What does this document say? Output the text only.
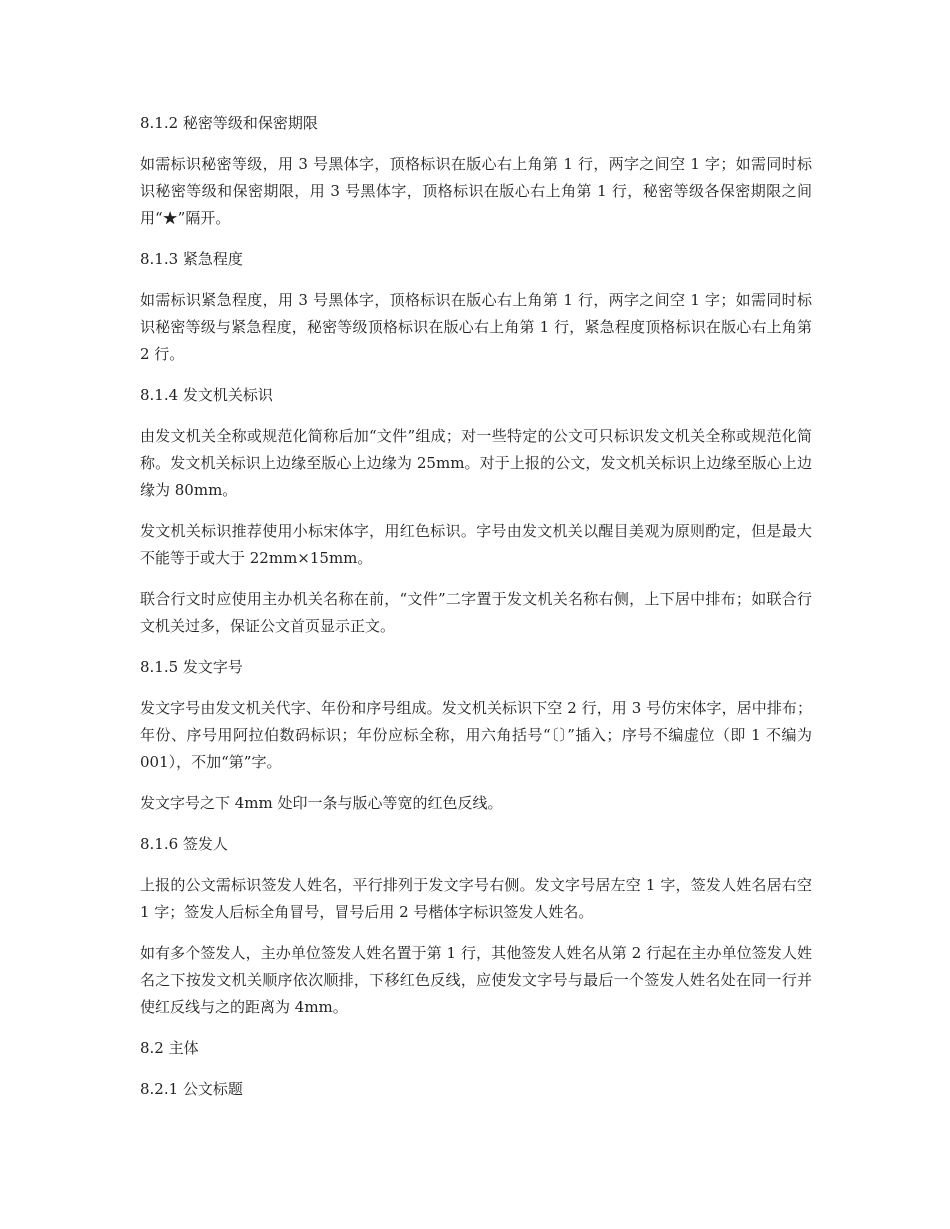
8.1.2 秘密等级和保密期限
如需标识秘密等级，用 3 号黑体字，顶格标识在版心右上角第 1 行，两字之间空 1 字；如需同时标识秘密等级和保密期限，用 3 号黑体字，顶格标识在版心右上角第 1 行，秘密等级各保密期限之间用“★”隔开。
8.1.3 紧急程度
如需标识紧急程度，用 3 号黑体字，顶格标识在版心右上角第 1 行，两字之间空 1 字；如需同时标识秘密等级与紧急程度，秘密等级顶格标识在版心右上角第 1 行，紧急程度顶格标识在版心右上角第 2 行。
8.1.4 发文机关标识
由发文机关全称或规范化简称后加“文件”组成；对一些特定的公文可只标识发文机关全称或规范化简称。发文机关标识上边缘至版心上边缘为 25mm。对于上报的公文，发文机关标识上边缘至版心上边缘为 80mm。
发文机关标识推荐使用小标宋体字，用红色标识。字号由发文机关以醒目美观为原则酌定，但是最大不能等于或大于 22mm×15mm。
联合行文时应使用主办机关名称在前，“文件”二字置于发文机关名称右侧，上下居中排布；如联合行文机关过多，保证公文首页显示正文。
8.1.5 发文字号
发文字号由发文机关代字、年份和序号组成。发文机关标识下空 2 行，用 3 号仿宋体字，居中排布；年份、序号用阿拉伯数码标识；年份应标全称，用六角括号“〔〕”插入；序号不编虚位（即 1 不编为 001），不加“第”字。
发文字号之下 4mm 处印一条与版心等宽的红色反线。
8.1.6 签发人
上报的公文需标识签发人姓名，平行排列于发文字号右侧。发文字号居左空 1 字，签发人姓名居右空 1 字；签发人后标全角冒号，冒号后用 2 号楷体字标识签发人姓名。
如有多个签发人，主办单位签发人姓名置于第 1 行，其他签发人姓名从第 2 行起在主办单位签发人姓名之下按发文机关顺序依次顺排，下移红色反线，应使发文字号与最后一个签发人姓名处在同一行并使红反线与之的距离为 4mm。
8.2 主体
8.2.1 公文标题
